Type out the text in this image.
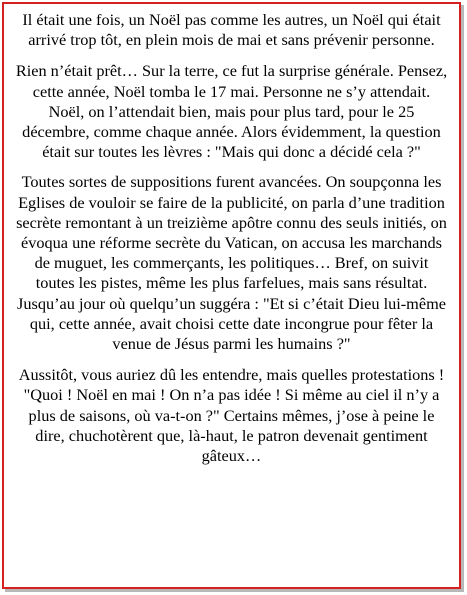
Il était une fois, un Noël pas comme les autres, un Noël qui était arrivé trop tôt, en plein mois de mai et sans prévenir personne.

Rien n’était prêt… Sur la terre, ce fut la surprise générale. Pensez, cette année, Noël tomba le 17 mai. Personne ne s’y attendait. Noël, on l’attendait bien, mais pour plus tard, pour le 25 décembre, comme chaque année. Alors évidemment, la question était sur toutes les lèvres : "Mais qui donc a décidé cela ?"

Toutes sortes de suppositions furent avancées. On soupçonna les Eglises de vouloir se faire de la publicité, on parla d’une tradition secrète remontant à un treizième apôtre connu des seuls initiés, on évoqua une réforme secrète du Vatican, on accusa les marchands de muguet, les commerçants, les politiques… Bref, on suivit toutes les pistes, même les plus farfelues, mais sans résultat. Jusqu’au jour où quelqu’un suggéra : "Et si c’était Dieu lui-même qui, cette année, avait choisi cette date incongrue pour fêter la venue de Jésus parmi les humains ?"

Aussitôt, vous auriez dû les entendre, mais quelles protestations ! "Quoi ! Noël en mai ! On n’a pas idée ! Si même au ciel il n’y a plus de saisons, où va-t-on ?" Certains mêmes, j’ose à peine le dire, chuchotèrent que, là-haut, le patron devenait gentiment gâteux…
